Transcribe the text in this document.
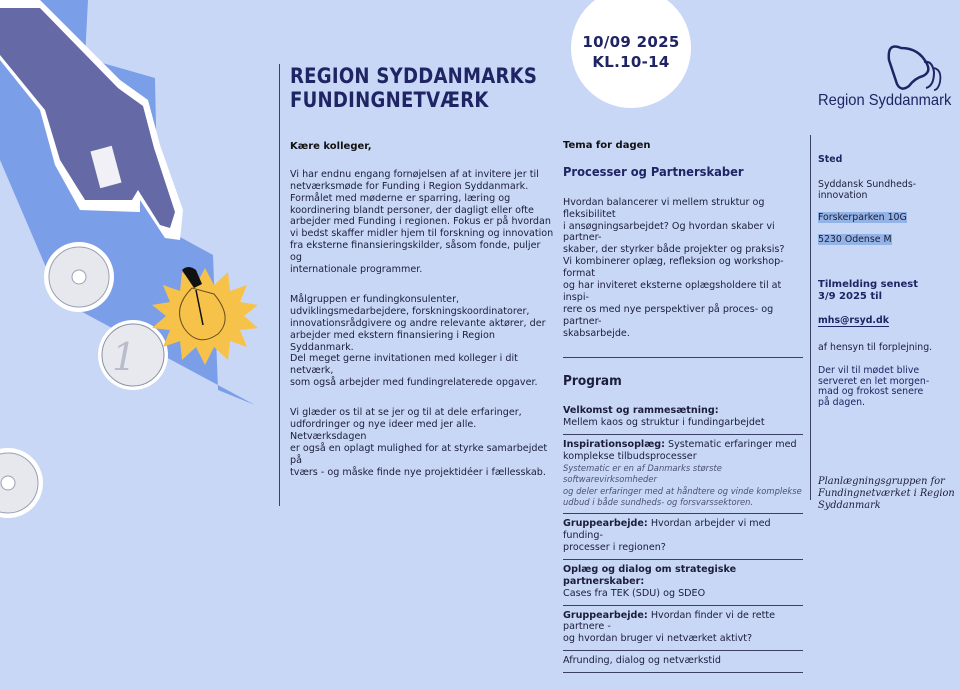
1
REGION SYDDANMARKS
FUNDINGNETVÆRK
10/09 2025
KL.10-14
Region Syddanmark

Kære kolleger,

Vi har endnu engang fornøjelsen af at invitere jer til
netværksmøde for Funding i Region Syddanmark.
Formålet med møderne er sparring, læring og
koordinering blandt personer, der dagligt eller ofte
arbejder med Funding i regionen. Fokus er på hvordan
vi bedst skaffer midler hjem til forskning og innovation
fra eksterne finansieringskilder, såsom fonde, puljer og
internationale programmer.

Målgruppen er fundingkonsulenter,
udviklingsmedarbejdere, forskningskoordinatorer,
innovationsrådgivere og andre relevante aktører, der
arbejder med ekstern finansiering i Region Syddanmark.
Del meget gerne invitationen med kolleger i dit netværk,
som også arbejder med fundingrelaterede opgaver.

Vi glæder os til at se jer og til at dele erfaringer,
udfordringer og nye ideer med jer alle. Netværksdagen
er også en oplagt mulighed for at styrke samarbejdet på
tværs - og måske finde nye projektidéer i fællesskab.

Tema for dagen

Processer og Partnerskaber

Hvordan balancerer vi mellem struktur og fleksibilitet
i ansøgningsarbejdet? Og hvordan skaber vi partner-
skaber, der styrker både projekter og praksis?
Vi kombinerer oplæg, refleksion og workshop-format
og har inviteret eksterne oplægsholdere til at inspi-
rere os med nye perspektiver på proces- og partner-
skabsarbejde.

Program

Velkomst og rammesætning:
Mellem kaos og struktur i fundingarbejdet
Inspirationsoplæg: Systematic erfaringer med
komplekse tilbudsprocesser
Systematic er en af Danmarks største softwarevirksomheder
og deler erfaringer med at håndtere og vinde komplekse
udbud i både sundheds- og forsvarssektoren.
Gruppearbejde: Hvordan arbejder vi med funding-
processer i regionen?
Oplæg og dialog om strategiske partnerskaber:
Cases fra TEK (SDU) og SDEO
Gruppearbejde: Hvordan finder vi de rette partnere -
og hvordan bruger vi netværket aktivt?
Afrunding, dialog og netværkstid

Sted

Syddansk Sundheds-
innovation

Forskerparken 10G

5230 Odense M

Tilmelding senest
3/9 2025 til

mhs@rsyd.dk

af hensyn til forplejning.

Der vil til mødet blive
serveret en let morgen-
mad og frokost senere
på dagen.

Planlægningsgruppen for
Fundingnetværket i Region
Syddanmark
